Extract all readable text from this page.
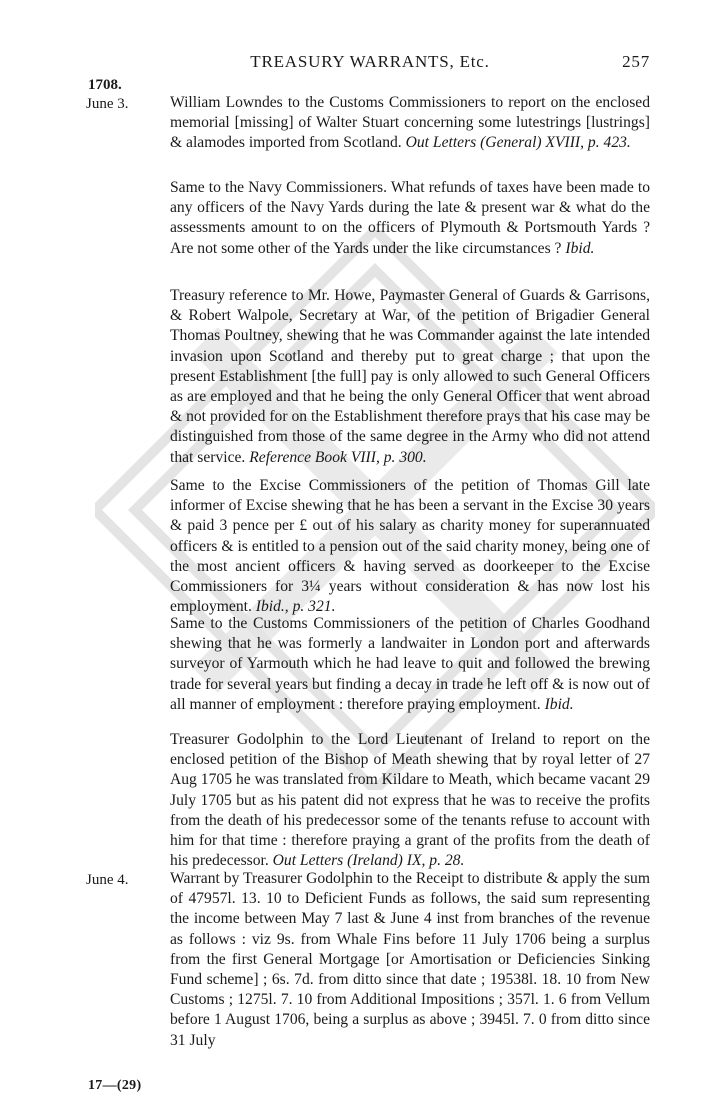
TREASURY WARRANTS, Etc.	257
1708.
June 3.	William Lowndes to the Customs Commissioners to report on the enclosed memorial [missing] of Walter Stuart concerning some lutestrings [lustrings] & alamodes imported from Scotland. Out Letters (General) XVIII, p. 423.

Same to the Navy Commissioners. What refunds of taxes have been made to any officers of the Navy Yards during the late & present war & what do the assessments amount to on the officers of Plymouth & Portsmouth Yards ? Are not some other of the Yards under the like circumstances ? Ibid.

Treasury reference to Mr. Howe, Paymaster General of Guards & Garrisons, & Robert Walpole, Secretary at War, of the petition of Brigadier General Thomas Poultney, shewing that he was Commander against the late intended invasion upon Scotland and thereby put to great charge ; that upon the present Establishment [the full] pay is only allowed to such General Officers as are employed and that he being the only General Officer that went abroad & not provided for on the Establishment therefore prays that his case may be distinguished from those of the same degree in the Army who did not attend that service. Reference Book VIII, p. 300.

Same to the Excise Commissioners of the petition of Thomas Gill late informer of Excise shewing that he has been a servant in the Excise 30 years & paid 3 pence per £ out of his salary as charity money for superannuated officers & is entitled to a pension out of the said charity money, being one of the most ancient officers & having served as doorkeeper to the Excise Commissioners for 3¼ years without consideration & has now lost his employment. Ibid., p. 321.

Same to the Customs Commissioners of the petition of Charles Goodhand shewing that he was formerly a landwaiter in London port and afterwards surveyor of Yarmouth which he had leave to quit and followed the brewing trade for several years but finding a decay in trade he left off & is now out of all manner of employment : therefore praying employment. Ibid.

Treasurer Godolphin to the Lord Lieutenant of Ireland to report on the enclosed petition of the Bishop of Meath shewing that by royal letter of 27 Aug 1705 he was translated from Kildare to Meath, which became vacant 29 July 1705 but as his patent did not express that he was to receive the profits from the death of his predecessor some of the tenants refuse to account with him for that time : therefore praying a grant of the profits from the death of his predecessor. Out Letters (Ireland) IX, p. 28.

June 4.	Warrant by Treasurer Godolphin to the Receipt to distribute & apply the sum of 47957l. 13. 10 to Deficient Funds as follows, the said sum representing the income between May 7 last & June 4 inst from branches of the revenue as follows : viz 9s. from Whale Fins before 11 July 1706 being a surplus from the first General Mortgage [or Amortisation or Deficiencies Sinking Fund scheme] ; 6s. 7d. from ditto since that date ; 19538l. 18. 10 from New Customs ; 1275l. 7. 10 from Additional Impositions ; 357l. 1. 6 from Vellum before 1 August 1706, being a surplus as above ; 3945l. 7. 0 from ditto since 31 July

17—(29)
